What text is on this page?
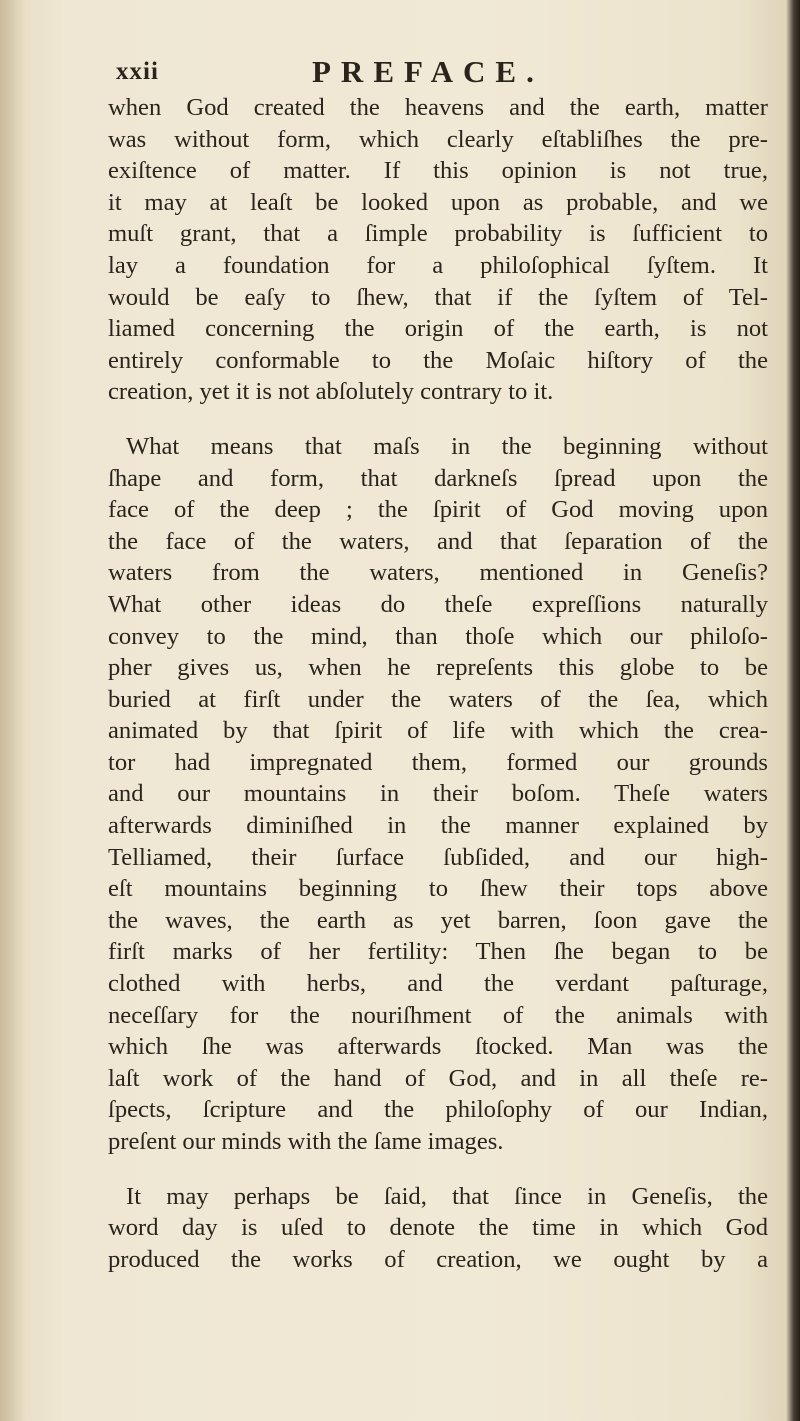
xxii	PREFACE.
when God created the heavens and the earth, matter
was without form, which clearly eſtabliſhes the pre-
exiſtence of matter. If this opinion is not true,
it may at leaſt be looked upon as probable, and we
muſt grant, that a ſimple probability is ſufficient to
lay a foundation for a philoſophical ſyſtem. It
would be eaſy to ſhew, that if the ſyſtem of Tel-
liamed concerning the origin of the earth, is not
entirely conformable to the Moſaic hiſtory of the
creation, yet it is not abſolutely contrary to it.
What means that maſs in the beginning without
ſhape and form, that darkneſs ſpread upon the
face of the deep ; the ſpirit of God moving upon
the face of the waters, and that ſeparation of the
waters from the waters, mentioned in Geneſis?
What other ideas do theſe expreſſions naturally
convey to the mind, than thoſe which our philoſo-
pher gives us, when he repreſents this globe to be
buried at firſt under the waters of the ſea, which
animated by that ſpirit of life with which the crea-
tor had impregnated them, formed our grounds
and our mountains in their boſom. Theſe waters
afterwards diminiſhed in the manner explained by
Telliamed, their ſurface ſubſided, and our high-
eſt mountains beginning to ſhew their tops above
the waves, the earth as yet barren, ſoon gave the
firſt marks of her fertility: Then ſhe began to be
clothed with herbs, and the verdant paſturage,
neceſſary for the nouriſhment of the animals with
which ſhe was afterwards ſtocked. Man was the
laſt work of the hand of God, and in all theſe re-
ſpects, ſcripture and the philoſophy of our Indian,
preſent our minds with the ſame images.
It may perhaps be ſaid, that ſince in Geneſis, the
word day is uſed to denote the time in which God
produced the works of creation, we ought by a
